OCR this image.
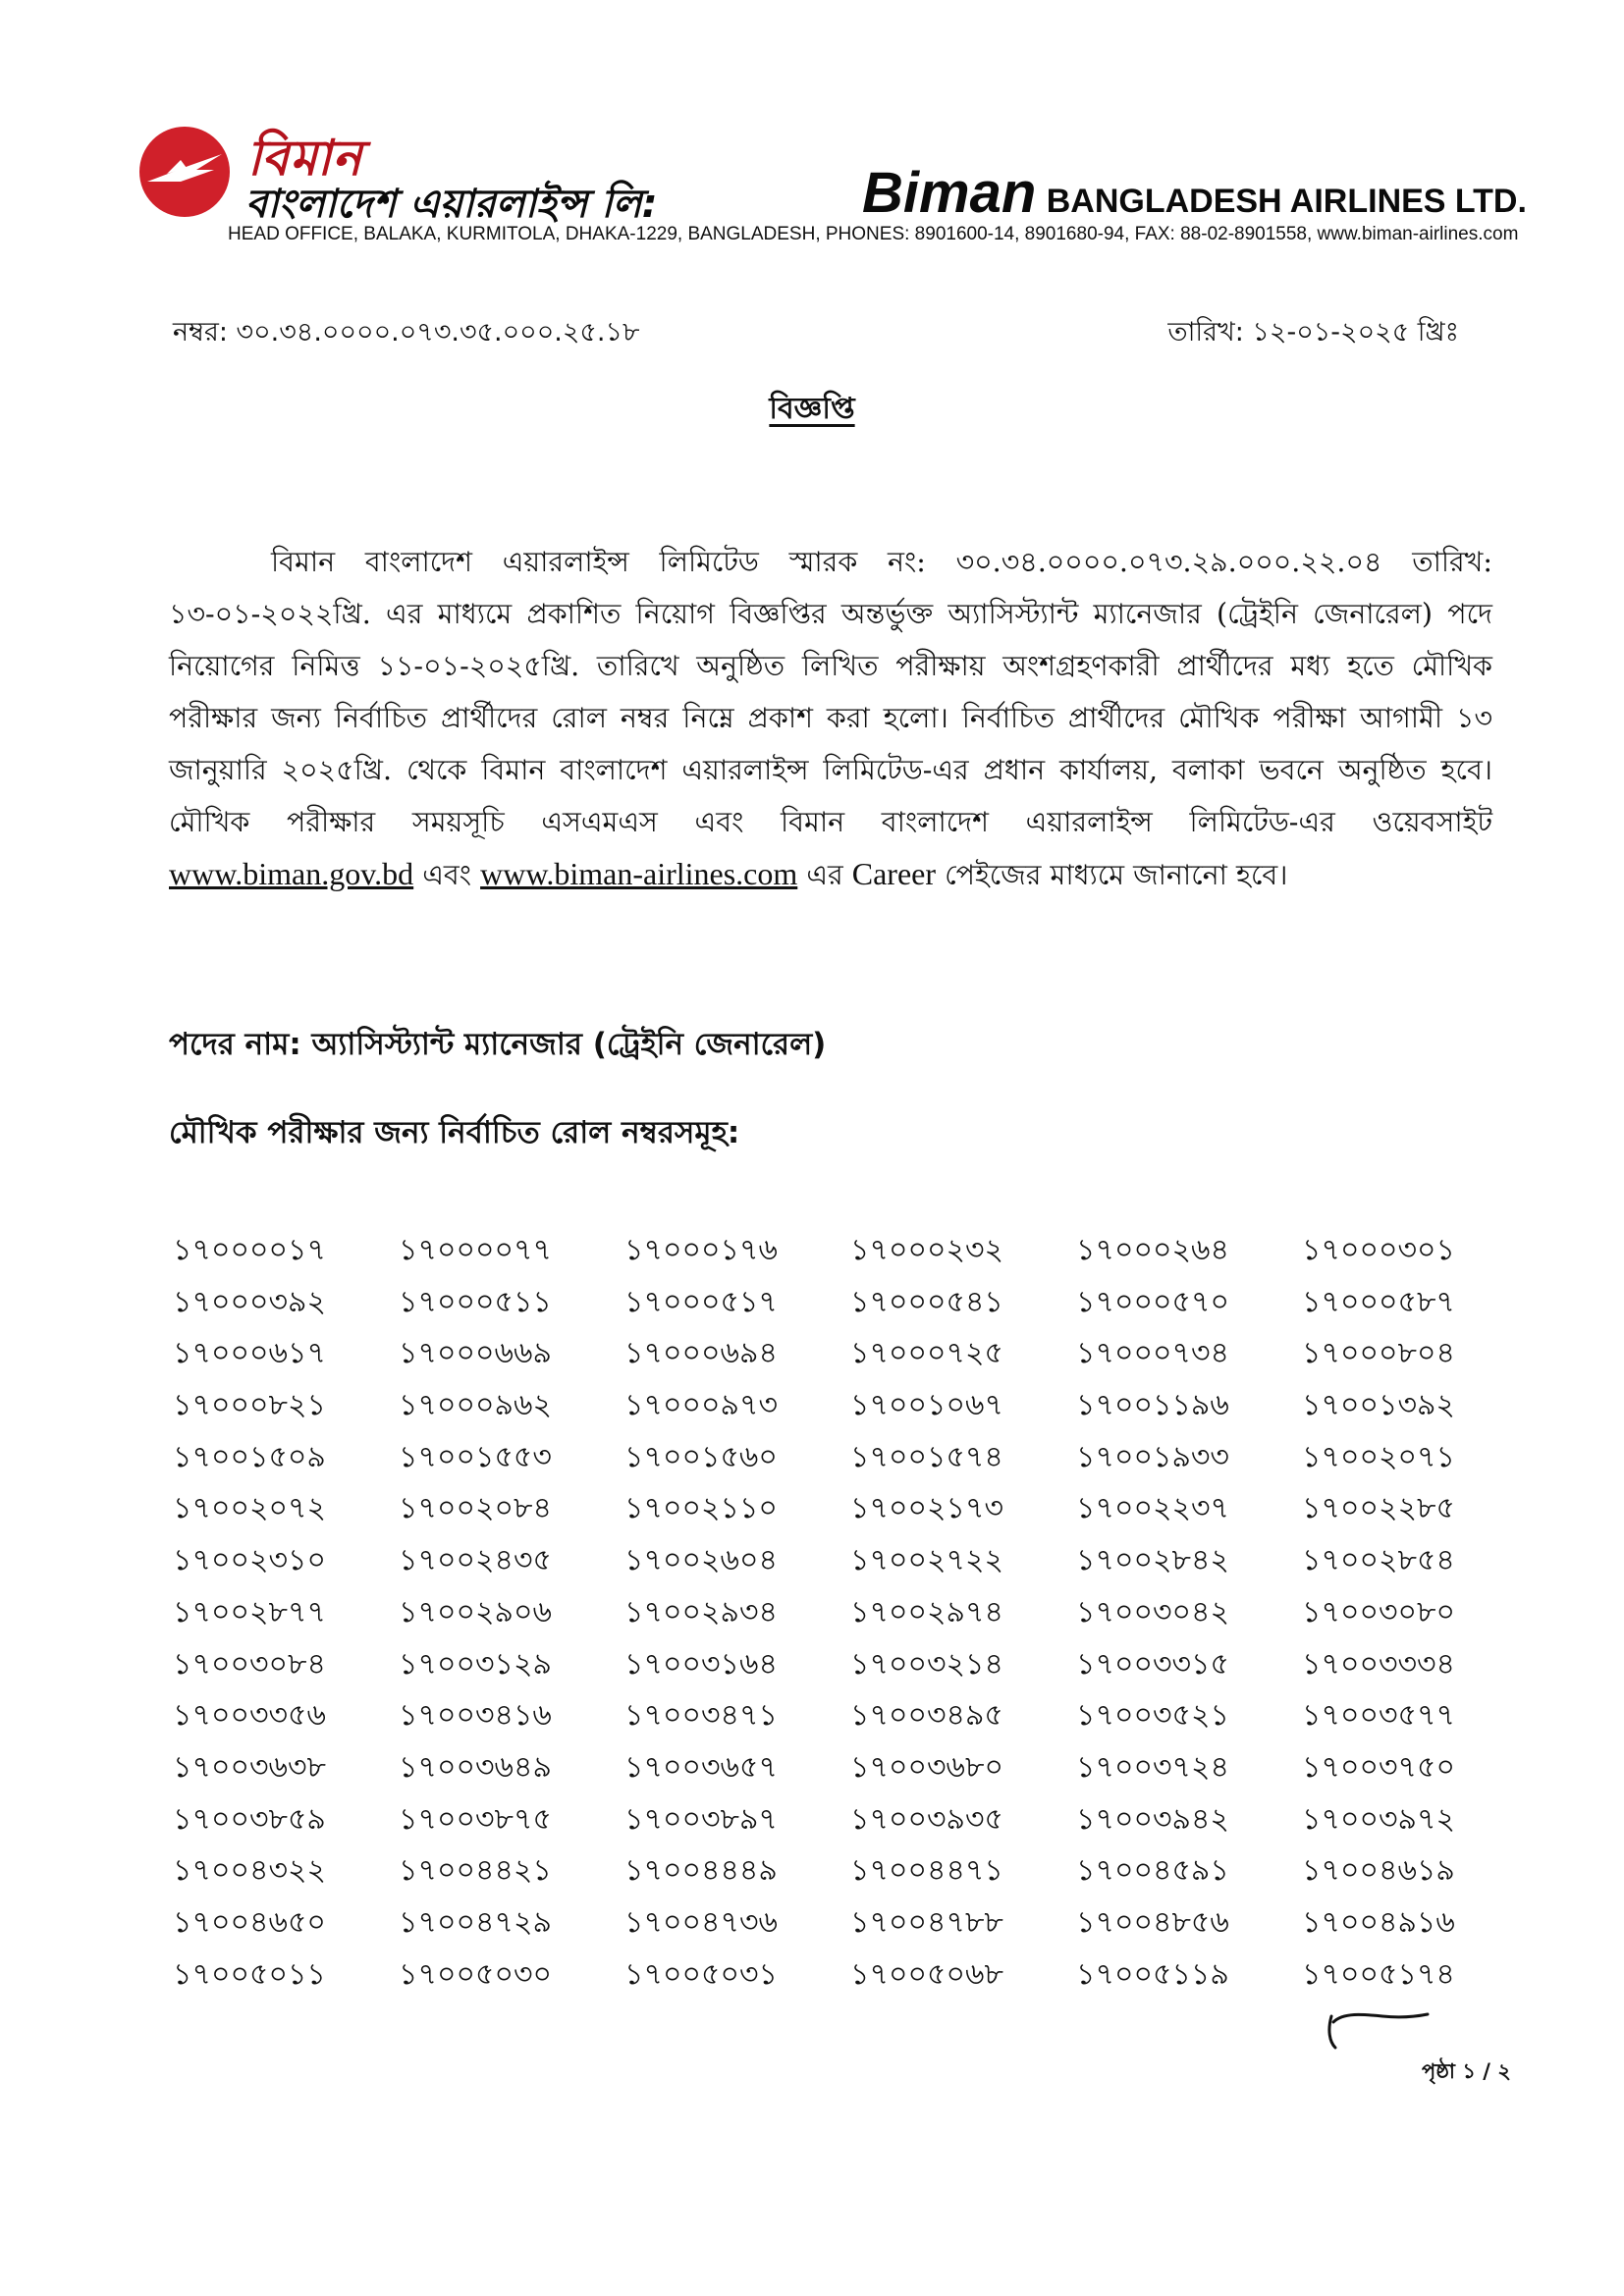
বিমান
বাংলাদেশ এয়ারলাইন্স লি:	Biman BANGLADESH AIRLINES LTD.
HEAD OFFICE, BALAKA, KURMITOLA, DHAKA-1229, BANGLADESH, PHONES: 8901600-14, 8901680-94, FAX: 88-02-8901558, www.biman-airlines.com
নম্বর: ৩০.৩৪.০০০০.০৭৩.৩৫.০০০.২৫.১৮	তারিখ: ১২-০১-২০২৫ খ্রিঃ
বিজ্ঞপ্তি
বিমান বাংলাদেশ এয়ারলাইন্স লিমিটেড স্মারক নং: ৩০.৩৪.০০০০.০৭৩.২৯.০০০.২২.০৪ তারিখ: ১৩-০১-২০২২খ্রি. এর মাধ্যমে প্রকাশিত নিয়োগ বিজ্ঞপ্তির অন্তর্ভুক্ত অ্যাসিস্ট্যান্ট ম্যানেজার (ট্রেইনি জেনারেল) পদে নিয়োগের নিমিত্ত ১১-০১-২০২৫খ্রি. তারিখে অনুষ্ঠিত লিখিত পরীক্ষায় অংশগ্রহণকারী প্রার্থীদের মধ্য হতে মৌখিক পরীক্ষার জন্য নির্বাচিত প্রার্থীদের রোল নম্বর নিম্নে প্রকাশ করা হলো। নির্বাচিত প্রার্থীদের মৌখিক পরীক্ষা আগামী ১৩ জানুয়ারি ২০২৫খ্রি. থেকে বিমান বাংলাদেশ এয়ারলাইন্স লিমিটেড-এর প্রধান কার্যালয়, বলাকা ভবনে অনুষ্ঠিত হবে। মৌখিক পরীক্ষার সময়সূচি এসএমএস এবং বিমান বাংলাদেশ এয়ারলাইন্স লিমিটেড-এর ওয়েবসাইট www.biman.gov.bd এবং www.biman-airlines.com এর Career পেইজের মাধ্যমে জানানো হবে।
পদের নাম: অ্যাসিস্ট্যান্ট ম্যানেজার (ট্রেইনি জেনারেল)
মৌখিক পরীক্ষার জন্য নির্বাচিত রোল নম্বরসমূহ:
১৭০০০০১৭	১৭০০০০৭৭	১৭০০০১৭৬	১৭০০০২৩২	১৭০০০২৬৪	১৭০০০৩০১
১৭০০০৩৯২	১৭০০০৫১১	১৭০০০৫১৭	১৭০০০৫৪১	১৭০০০৫৭০	১৭০০০৫৮৭
১৭০০০৬১৭	১৭০০০৬৬৯	১৭০০০৬৯৪	১৭০০০৭২৫	১৭০০০৭৩৪	১৭০০০৮০৪
১৭০০০৮২১	১৭০০০৯৬২	১৭০০০৯৭৩	১৭০০১০৬৭	১৭০০১১৯৬	১৭০০১৩৯২
১৭০০১৫০৯	১৭০০১৫৫৩	১৭০০১৫৬০	১৭০০১৫৭৪	১৭০০১৯৩৩	১৭০০২০৭১
১৭০০২০৭২	১৭০০২০৮৪	১৭০০২১১০	১৭০০২১৭৩	১৭০০২২৩৭	১৭০০২২৮৫
১৭০০২৩১০	১৭০০২৪৩৫	১৭০০২৬০৪	১৭০০২৭২২	১৭০০২৮৪২	১৭০০২৮৫৪
১৭০০২৮৭৭	১৭০০২৯০৬	১৭০০২৯৩৪	১৭০০২৯৭৪	১৭০০৩০৪২	১৭০০৩০৮০
১৭০০৩০৮৪	১৭০০৩১২৯	১৭০০৩১৬৪	১৭০০৩২১৪	১৭০০৩৩১৫	১৭০০৩৩৩৪
১৭০০৩৩৫৬	১৭০০৩৪১৬	১৭০০৩৪৭১	১৭০০৩৪৯৫	১৭০০৩৫২১	১৭০০৩৫৭৭
১৭০০৩৬৩৮	১৭০০৩৬৪৯	১৭০০৩৬৫৭	১৭০০৩৬৮০	১৭০০৩৭২৪	১৭০০৩৭৫০
১৭০০৩৮৫৯	১৭০০৩৮৭৫	১৭০০৩৮৯৭	১৭০০৩৯৩৫	১৭০০৩৯৪২	১৭০০৩৯৭২
১৭০০৪৩২২	১৭০০৪৪২১	১৭০০৪৪৪৯	১৭০০৪৪৭১	১৭০০৪৫৯১	১৭০০৪৬১৯
১৭০০৪৬৫০	১৭০০৪৭২৯	১৭০০৪৭৩৬	১৭০০৪৭৮৮	১৭০০৪৮৫৬	১৭০০৪৯১৬
১৭০০৫০১১	১৭০০৫০৩০	১৭০০৫০৩১	১৭০০৫০৬৮	১৭০০৫১১৯	১৭০০৫১৭৪
পৃষ্ঠা ১ / ২
